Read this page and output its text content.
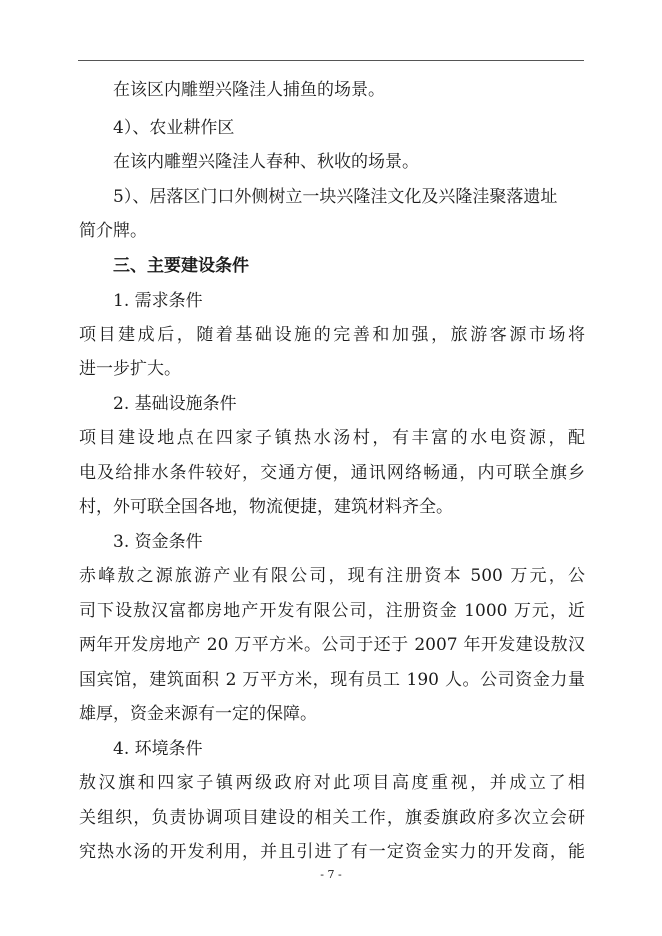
在该区内雕塑兴隆洼人捕鱼的场景。
4）、农业耕作区
在该内雕塑兴隆洼人春种、秋收的场景。
5）、居落区门口外侧树立一块兴隆洼文化及兴隆洼聚落遗址
简介牌。
三、主要建设条件
1. 需求条件
项目建成后，随着基础设施的完善和加强，旅游客源市场将
进一步扩大。
2. 基础设施条件
项目建设地点在四家子镇热水汤村，有丰富的水电资源，配
电及给排水条件较好，交通方便，通讯网络畅通，内可联全旗乡
村，外可联全国各地，物流便捷，建筑材料齐全。
3. 资金条件
赤峰敖之源旅游产业有限公司，现有注册资本 500 万元，公
司下设敖汉富都房地产开发有限公司，注册资金 1000 万元，近
两年开发房地产 20 万平方米。公司于还于 2007 年开发建设敖汉
国宾馆，建筑面积 2 万平方米，现有员工 190 人。公司资金力量
雄厚，资金来源有一定的保障。
4. 环境条件
敖汉旗和四家子镇两级政府对此项目高度重视，并成立了相
关组织，负责协调项目建设的相关工作，旗委旗政府多次立会研
究热水汤的开发利用，并且引进了有一定资金实力的开发商，能
- 7 -
